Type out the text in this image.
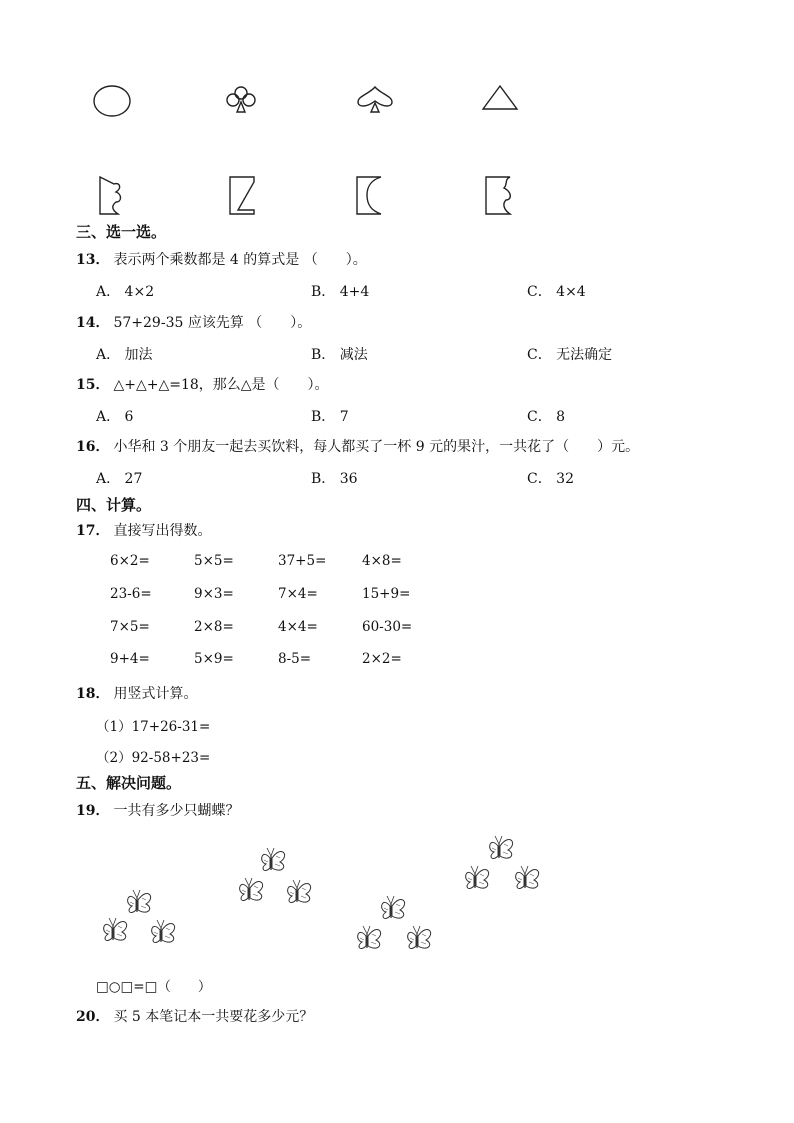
三、选一选。
13． 表示两个乘数都是 4 的算式是 （　　）。
A． 4×2	B． 4+4	C． 4×4
14． 57+29-35 应该先算 （　　）。
A． 加法	B． 减法	C． 无法确定
15． △+△+△=18，那么△是（　　）。
A． 6	B． 7	C． 8
16． 小华和 3 个朋友一起去买饮料，每人都买了一杯 9 元的果汁，一共花了（　　）元。
A． 27	B． 36	C． 32
四、计算。
17． 直接写出得数。
6×2=	5×5=	37+5=	4×8=
23-6=	9×3=	7×4=	15+9=
7×5=	2×8=	4×4=	60-30=
9+4=	5×9=	8-5=	2×2=
18． 用竖式计算。
（1）17+26-31=
（2）92-58+23=
五、解决问题。
19． 一共有多少只蝴蝶？
□○□=□（　　）
20． 买 5 本笔记本一共要花多少元？
